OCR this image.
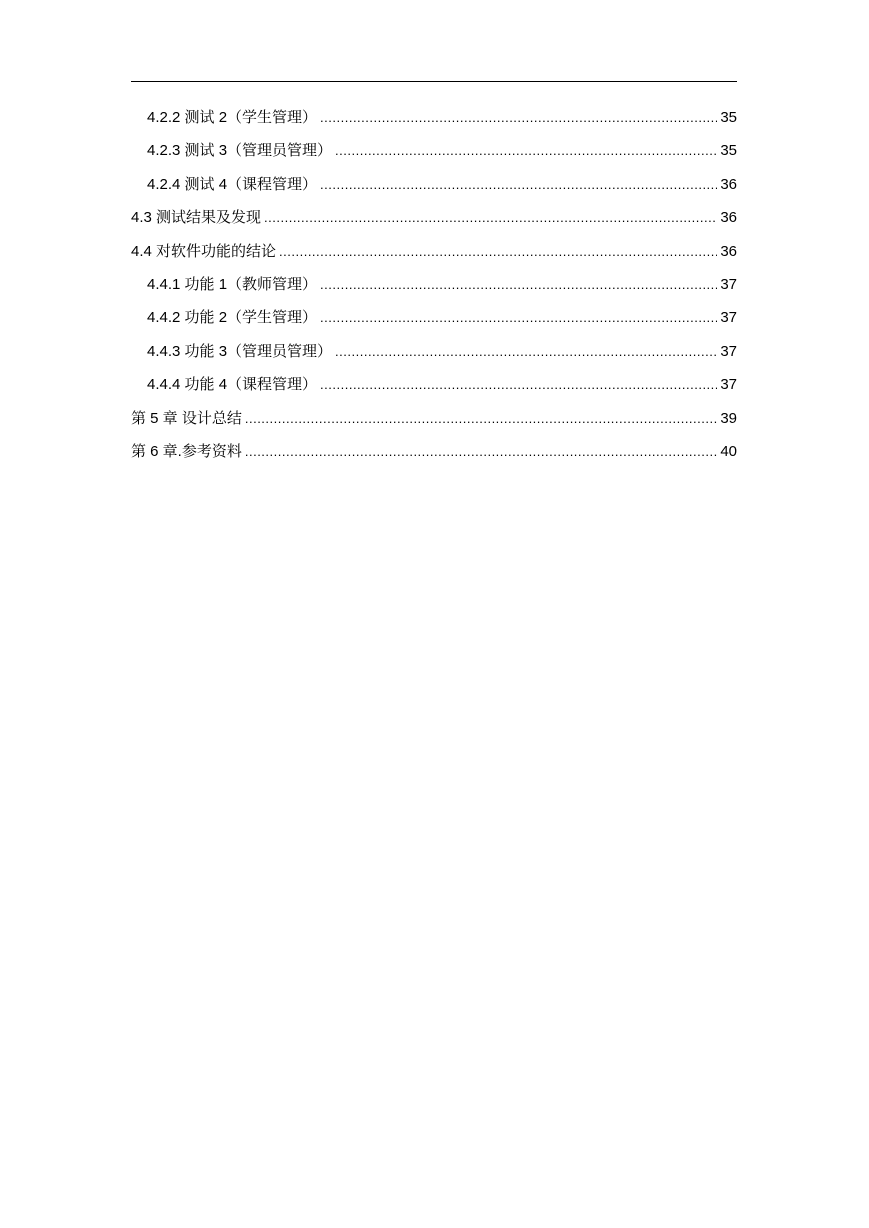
4.2.2 测试 2（学生管理） .....	35
4.2.3 测试 3（管理员管理） .....	35
4.2.4 测试 4（课程管理） .....	36
4.3 测试结果及发现 .....	36
4.4 对软件功能的结论 .....	36
4.4.1 功能 1（教师管理） .....	37
4.4.2 功能 2（学生管理） .....	37
4.4.3 功能 3（管理员管理） .....	37
4.4.4 功能 4（课程管理） .....	37
第 5 章 设计总结 .....	39
第 6 章.参考资料 .....	40
